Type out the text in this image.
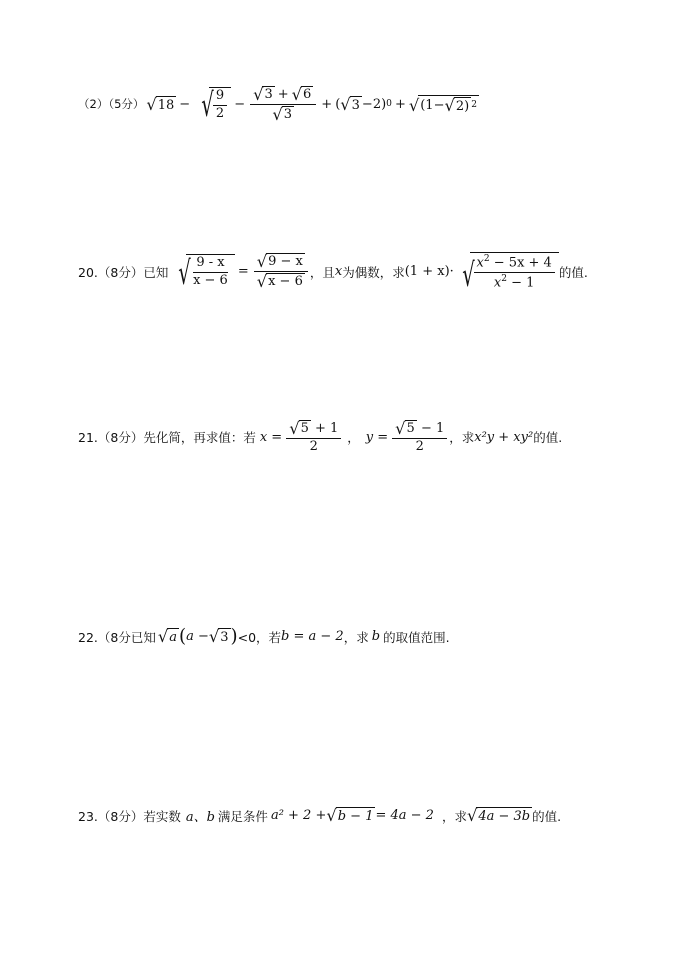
（2）（5分） √ 18 − √ $\frac{9}{2} - \frac{√ 3 + √ 6}{√ 3}$ + ( √ 3 −2) 0 + √ (1− √ 2) 2
20.（8分）已知 √ $\frac{9 - x}{x - 6} = \frac{√ 9 - x}{√ x - 6}$ ，且 x 为偶数，求 (1 + x)· √ $\frac{x^2 - 5x + 4}{x^2 - 1}$ 的值.
21.（8分）先化简，再求值：若 $x = \frac{√ 5 + 1}{2}$ ， $y = \frac{√ 5 - 1}{2}$ ，求 x²y + xy² 的值.
22.（8分已知 √ a ( a − √ 3 ) <0，若 b = a − 2 ，求 b 的取值范围.
23.（8分）若实数 a、b 满足条件 a² + 2 + √ b − 1 = 4a − 2 ，求 √ 4a − 3b 的值.
